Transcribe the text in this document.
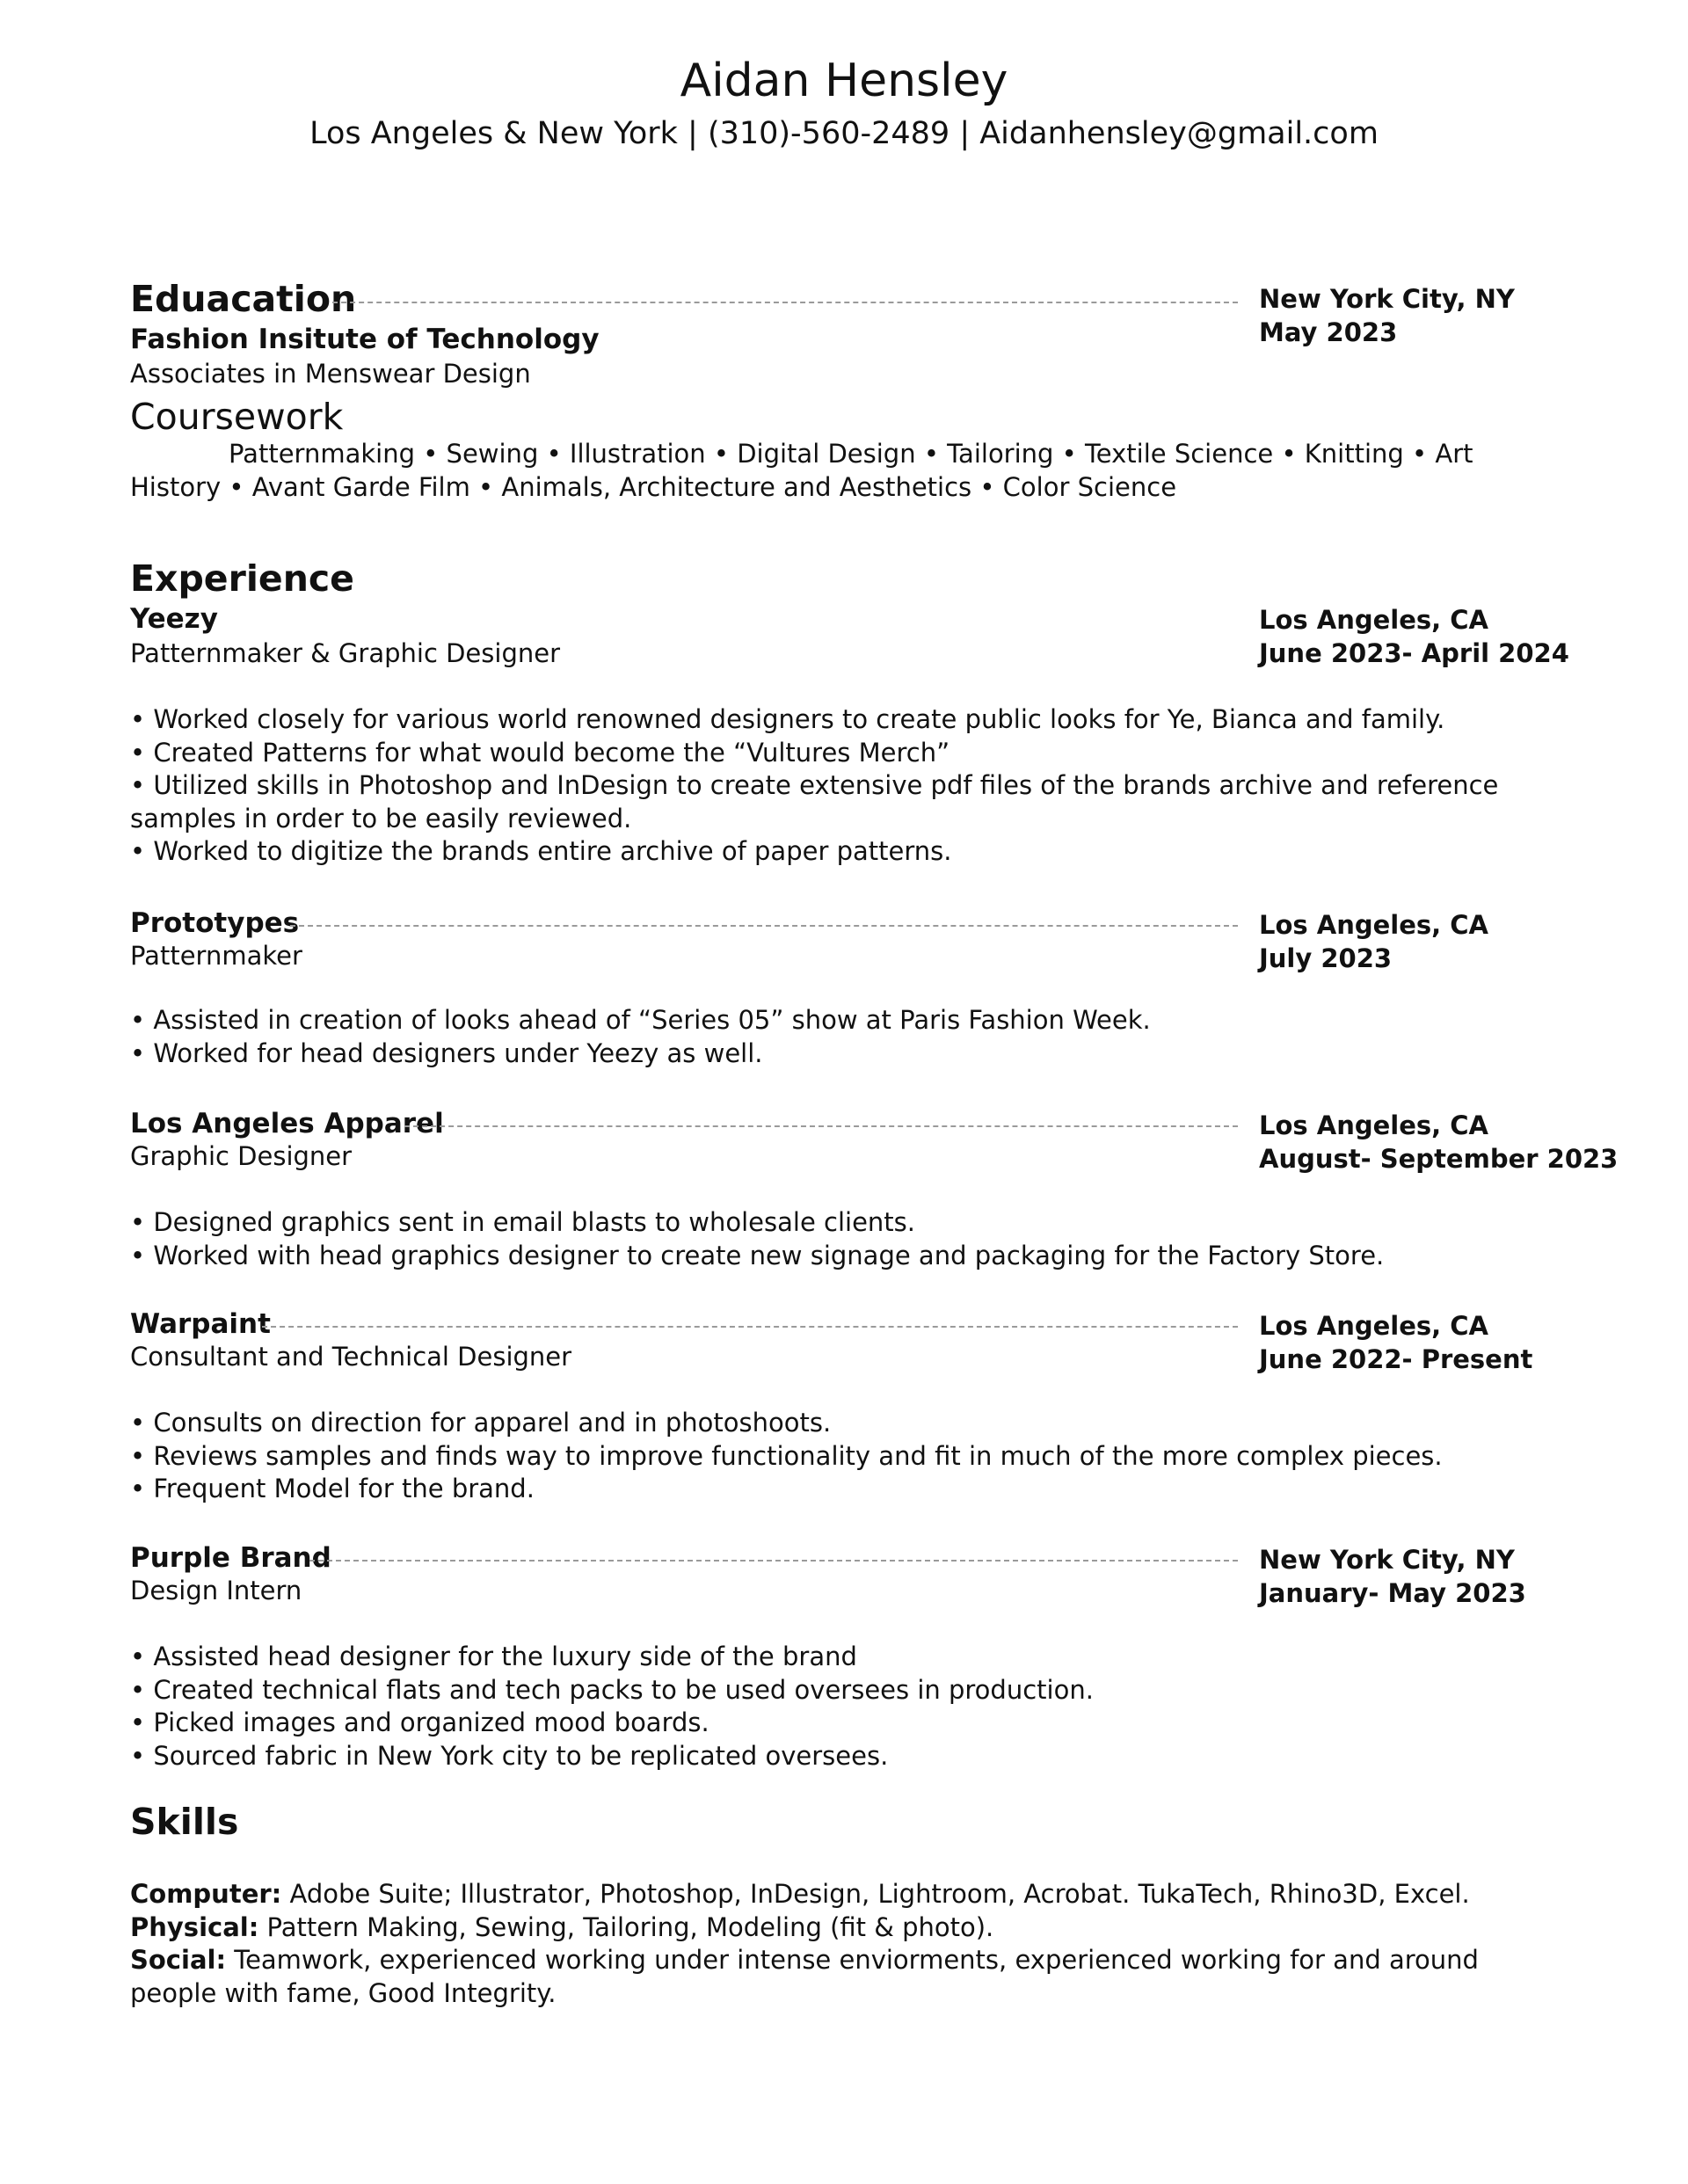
Aidan Hensley
Los Angeles & New York | (310)-560-2489 | Aidanhensley@gmail.com
Eduacation
Fashion Insitute of Technology
Associates in Menswear Design
New York City, NY
May 2023
Coursework
Patternmaking • Sewing • Illustration • Digital Design • Tailoring • Textile Science • Knitting • Art History • Avant Garde Film • Animals, Architecture and Aesthetics • Color Science
Experience
Yeezy
Patternmaker & Graphic Designer
Los Angeles, CA
June 2023- April 2024
• Worked closely for various world renowned designers to create public looks for Ye, Bianca and family.
• Created Patterns for what would become the “Vultures Merch”
• Utilized skills in Photoshop and InDesign to create extensive pdf files of the brands archive and reference samples in order to be easily reviewed.
• Worked to digitize the brands entire archive of paper patterns.
Prototypes
Patternmaker
Los Angeles, CA
July 2023
• Assisted in creation of looks ahead of “Series 05” show at Paris Fashion Week.
• Worked for head designers under Yeezy as well.
Los Angeles Apparel
Graphic Designer
Los Angeles, CA
August- September 2023
• Designed graphics sent in email blasts to wholesale clients.
• Worked with head graphics designer to create new signage and packaging for the Factory Store.
Warpaint
Consultant and Technical Designer
Los Angeles, CA
June 2022- Present
• Consults on direction for apparel and in photoshoots.
• Reviews samples and finds way to improve functionality and fit in much of the more complex pieces.
• Frequent Model for the brand.
Purple Brand
Design Intern
New York City, NY
January- May 2023
• Assisted head designer for the luxury side of the brand
• Created technical flats and tech packs to be used oversees in production.
• Picked images and organized mood boards.
• Sourced fabric in New York city to be replicated oversees.
Skills
Computer: Adobe Suite; Illustrator, Photoshop, InDesign, Lightroom, Acrobat. TukaTech, Rhino3D, Excel.
Physical: Pattern Making, Sewing, Tailoring, Modeling (fit & photo).
Social: Teamwork, experienced working under intense enviorments, experienced working for and around people with fame, Good Integrity.
